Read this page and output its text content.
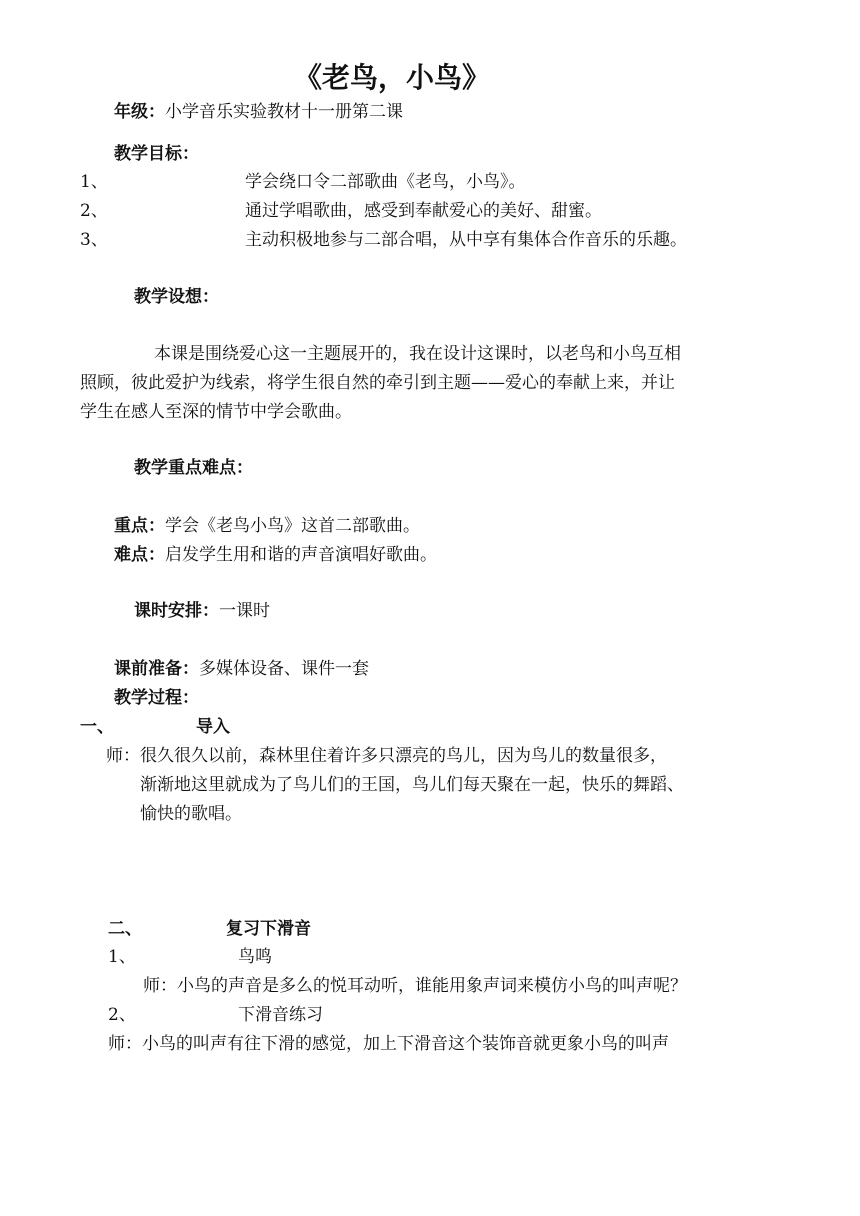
《老鸟，小鸟》
年级：小学音乐实验教材十一册第二课
教学目标：
1、	学会绕口令二部歌曲《老鸟，小鸟》。
2、	通过学唱歌曲，感受到奉献爱心的美好、甜蜜。
3、	主动积极地参与二部合唱，从中享有集体合作音乐的乐趣。
教学设想：
本课是围绕爱心这一主题展开的，我在设计这课时，以老鸟和小鸟互相
照顾，彼此爱护为线索，将学生很自然的牵引到主题——爱心的奉献上来，并让
学生在感人至深的情节中学会歌曲。
教学重点难点：
重点：学会《老鸟小鸟》这首二部歌曲。
难点：启发学生用和谐的声音演唱好歌曲。
课时安排：一课时
课前准备：多媒体设备、课件一套
教学过程：
一、	导入
师：很久很久以前，森林里住着许多只漂亮的鸟儿，因为鸟儿的数量很多，
渐渐地这里就成为了鸟儿们的王国，鸟儿们每天聚在一起，快乐的舞蹈、
愉快的歌唱。
二、	复习下滑音
1、	鸟鸣
师：小鸟的声音是多么的悦耳动听，谁能用象声词来模仿小鸟的叫声呢？
2、	下滑音练习
师：小鸟的叫声有往下滑的感觉，加上下滑音这个装饰音就更象小鸟的叫声
